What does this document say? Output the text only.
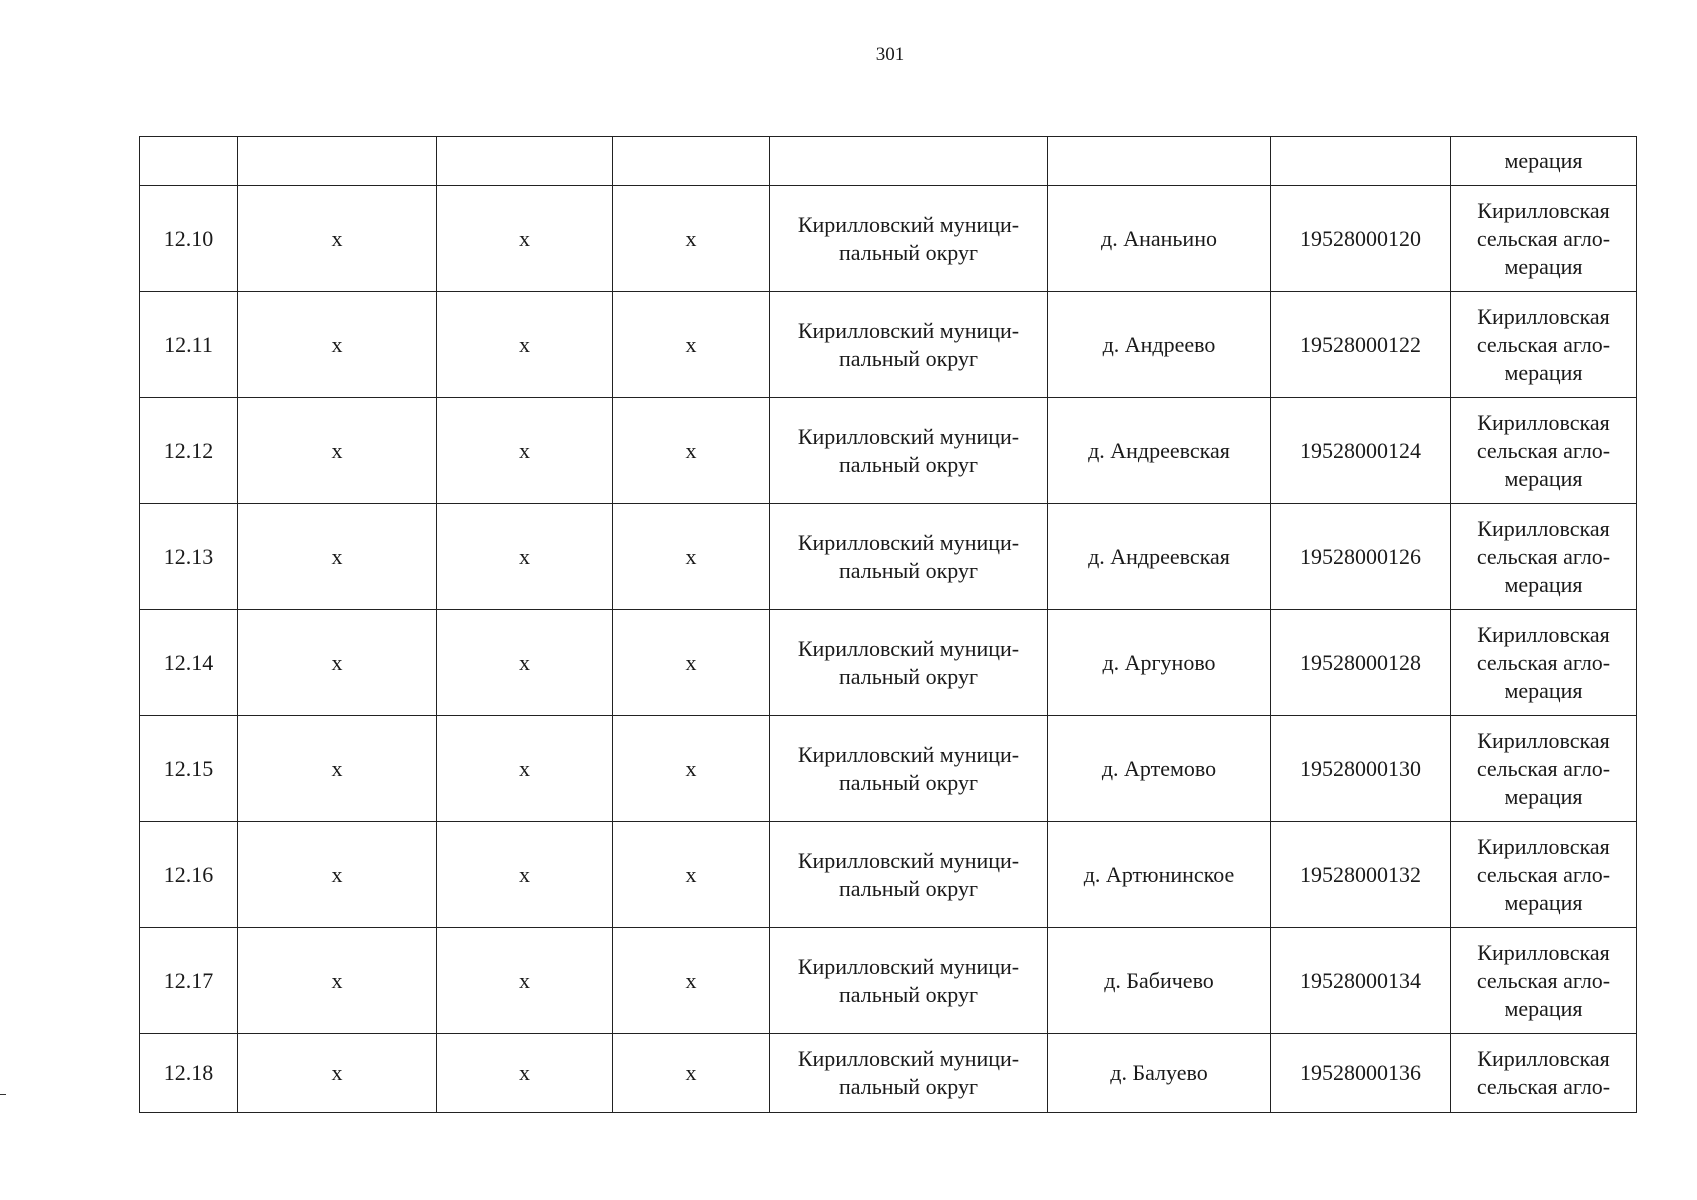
301
							мерация
12.10	x	x	x	Кирилловский муници-
пальный округ	д. Ананьино	19528000120	Кирилловская
сельская агло-
мерация
12.11	x	x	x	Кирилловский муници-
пальный округ	д. Андреево	19528000122	Кирилловская
сельская агло-
мерация
12.12	x	x	x	Кирилловский муници-
пальный округ	д. Андреевская	19528000124	Кирилловская
сельская агло-
мерация
12.13	x	x	x	Кирилловский муници-
пальный округ	д. Андреевская	19528000126	Кирилловская
сельская агло-
мерация
12.14	x	x	x	Кирилловский муници-
пальный округ	д. Аргуново	19528000128	Кирилловская
сельская агло-
мерация
12.15	x	x	x	Кирилловский муници-
пальный округ	д. Артемово	19528000130	Кирилловская
сельская агло-
мерация
12.16	x	x	x	Кирилловский муници-
пальный округ	д. Артюнинское	19528000132	Кирилловская
сельская агло-
мерация
12.17	x	x	x	Кирилловский муници-
пальный округ	д. Бабичево	19528000134	Кирилловская
сельская агло-
мерация
12.18	x	x	x	Кирилловский муници-
пальный округ	д. Балуево	19528000136	Кирилловская
сельская агло-
